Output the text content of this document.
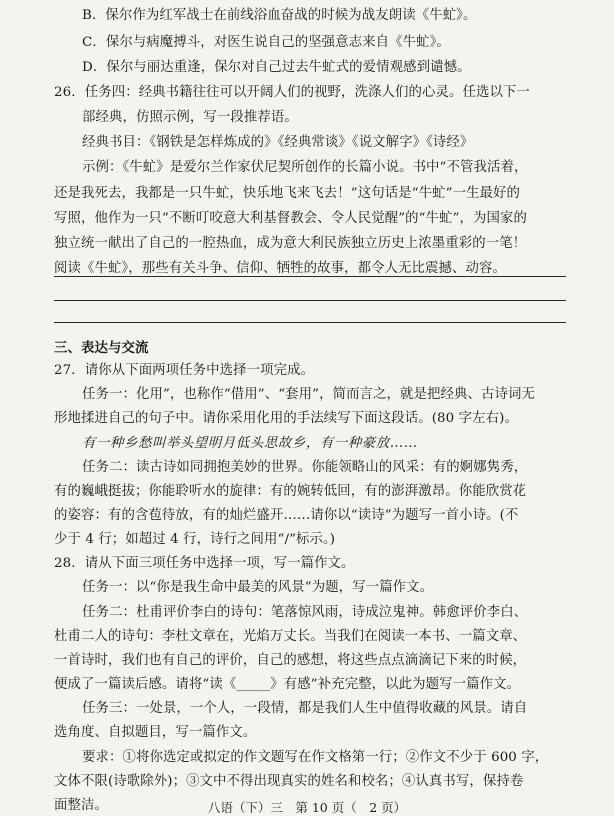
B．保尔作为红军战士在前线浴血奋战的时候为战友朗读《牛虻》。
C．保尔与病魔搏斗，对医生说自己的坚强意志来自《牛虻》。
D．保尔与丽达重逢，保尔对自己过去牛虻式的爱情观感到谴憾。
26．任务四：经典书籍往往可以开阔人们的视野，洗涤人们的心灵。任选以下一
部经典，仿照示例，写一段推荐语。
经典书目：《钢铁是怎样炼成的》《经典常谈》《说文解字》《诗经》
示例：《牛虻》是爱尔兰作家伏尼契所创作的长篇小说。书中“不管我活着，
还是我死去，我都是一只牛虻，快乐地飞来飞去！”这句话是“牛虻”一生最好的
写照，他作为一只“不断叮咬意大利基督教会、令人民觉醒”的“牛虻”，为国家的
独立统一献出了自己的一腔热血，成为意大利民族独立历史上浓墨重彩的一笔！
阅读《牛虻》，那些有关斗争、信仰、牺牲的故事，都令人无比震撼、动容。
三、表达与交流
27．请你从下面两项任务中选择一项完成。
任务一：化用”，也称作“借用”、“套用”，简而言之，就是把经典、古诗词无
形地揉进自己的句子中。请你采用化用的手法续写下面这段话。(80 字左右)。
有一种乡愁叫举头望明月低头思故乡，有一种豪放……
任务二：读古诗如同拥抱美妙的世界。你能领略山的风采：有的婀娜隽秀，
有的巍峨挺拔；你能聆听水的旋律：有的婉转低回，有的澎湃激昂。你能欣赏花
的姿容：有的含苞待放，有的灿烂盛开……请你以“读诗”为题写一首小诗。(不
少于 4 行；如超过 4 行，诗行之间用“/”标示。)
28．请从下面三项任务中选择一项，写一篇作文。
任务一：以“你是我生命中最美的风景”为题，写一篇作文。
任务二：杜甫评价李白的诗句：笔落惊风雨，诗成泣鬼神。韩愈评价李白、
杜甫二人的诗句：李杜文章在，光焰万丈长。当我们在阅读一本书、一篇文章、
一首诗时，我们也有自己的评价，自己的感想，将这些点点滴滴记下来的时候，
便成了一篇读后感。请将“读《_____》有感”补充完整，以此为题写一篇作文。
任务三：一处景，一个人，一段情，都是我们人生中值得收藏的风景。请自
选角度、自拟题目，写一篇作文。
要求：①将你选定或拟定的作文题写在作文格第一行；②作文不少于 600 字，
文体不限(诗歌除外)；③文中不得出现真实的姓名和校名；④认真书写，保持卷
面整洁。	八语（下）三　第 10 页（　2 页）
